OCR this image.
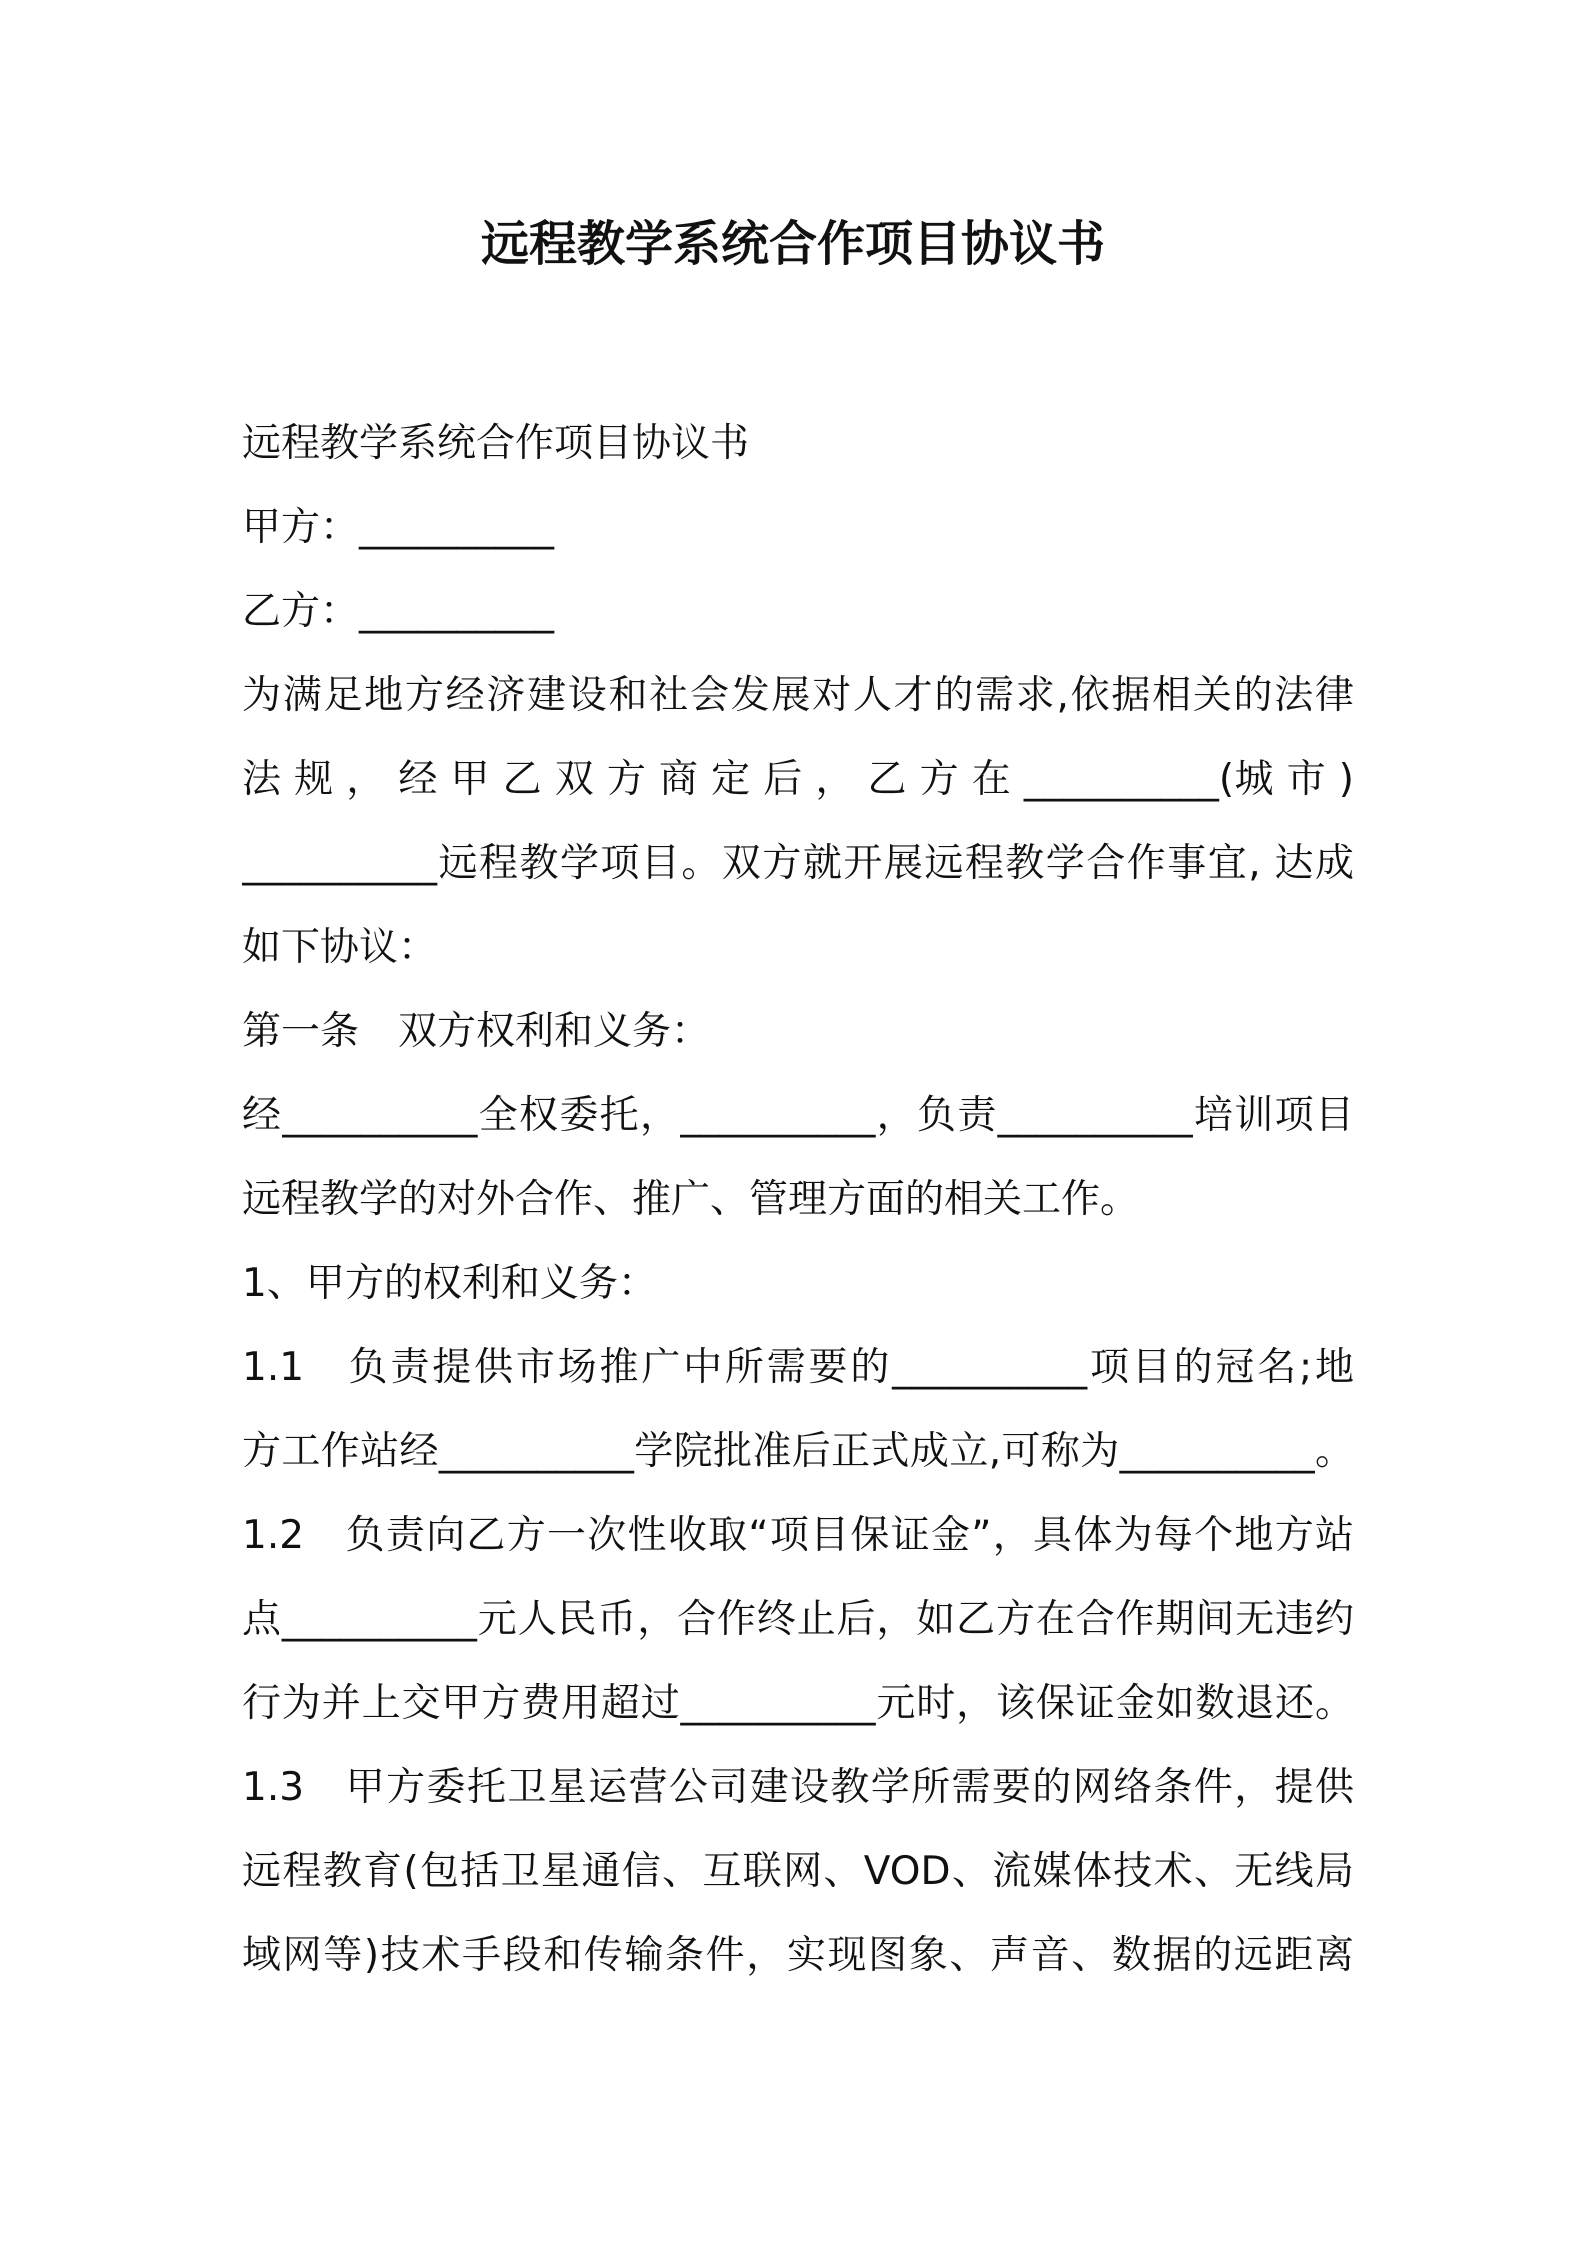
远程教学系统合作项目协议书
远程教学系统合作项目协议书
甲方：__________
乙方：__________
为满足地方经济建设和社会发展对人才的需求,依据相关的法律
法 规 ， 经 甲 乙 双 方 商 定 后 ， 乙 方 在 __________(城 市 )
__________远程教学项目。双方就开展远程教学合作事宜, 达成
如下协议：
第一条　双方权利和义务：
经__________全权委托，__________，负责__________培训项目
远程教学的对外合作、推广、管理方面的相关工作。
1、甲方的权利和义务：
1.1　负责提供市场推广中所需要的__________项目的冠名;地
方工作站经__________学院批准后正式成立,可称为__________。
1.2　负责向乙方一次性收取“项目保证金”，具体为每个地方站
点__________元人民币，合作终止后，如乙方在合作期间无违约
行为并上交甲方费用超过__________元时，该保证金如数退还。
1.3　甲方委托卫星运营公司建设教学所需要的网络条件，提供
远程教育(包括卫星通信、互联网、VOD、流媒体技术、无线局
域网等)技术手段和传输条件，实现图象、声音、数据的远距离
